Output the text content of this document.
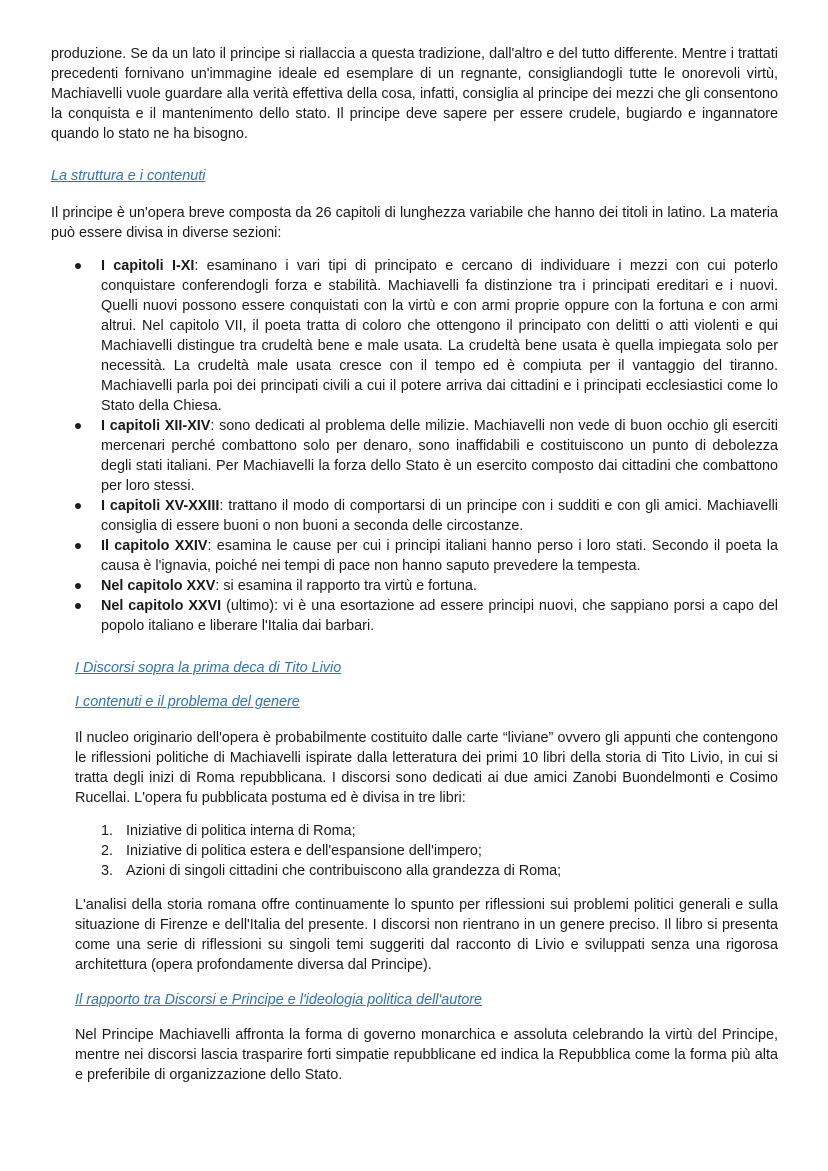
produzione. Se da un lato il principe si riallaccia a questa tradizione, dall'altro e del tutto differente. Mentre i trattati precedenti fornivano un'immagine ideale ed esemplare di un regnante, consigliandogli tutte le onorevoli virtù, Machiavelli vuole guardare alla verità effettiva della cosa, infatti, consiglia al principe dei mezzi che gli consentono la conquista e il mantenimento dello stato. Il principe deve sapere per essere crudele, bugiardo e ingannatore quando lo stato ne ha bisogno.

La struttura e i contenuti

Il principe è un'opera breve composta da 26 capitoli di lunghezza variabile che hanno dei titoli in latino. La materia può essere divisa in diverse sezioni:

I capitoli I-XI: esaminano i vari tipi di principato e cercano di individuare i mezzi con cui poterlo conquistare conferendogli forza e stabilità. Machiavelli fa distinzione tra i principati ereditari e i nuovi. Quelli nuovi possono essere conquistati con la virtù e con armi proprie oppure con la fortuna e con armi altrui. Nel capitolo VII, il poeta tratta di coloro che ottengono il principato con delitti o atti violenti e qui Machiavelli distingue tra crudeltà bene e male usata. La crudeltà bene usata è quella impiegata solo per necessità. La crudeltà male usata cresce con il tempo ed è compiuta per il vantaggio del tiranno. Machiavelli parla poi dei principati civili a cui il potere arriva dai cittadini e i principati ecclesiastici come lo Stato della Chiesa.
I capitoli XII-XIV: sono dedicati al problema delle milizie. Machiavelli non vede di buon occhio gli eserciti mercenari perché combattono solo per denaro, sono inaffidabili e costituiscono un punto di debolezza degli stati italiani. Per Machiavelli la forza dello Stato è un esercito composto dai cittadini che combattono per loro stessi.
I capitoli XV-XXIII: trattano il modo di comportarsi di un principe con i sudditi e con gli amici. Machiavelli consiglia di essere buoni o non buoni a seconda delle circostanze.
Il capitolo XXIV: esamina le cause per cui i principi italiani hanno perso i loro stati. Secondo il poeta la causa è l'ignavia, poiché nei tempi di pace non hanno saputo prevedere la tempesta.
Nel capitolo XXV: si esamina il rapporto tra virtù e fortuna.
Nel capitolo XXVI (ultimo): vi è una esortazione ad essere principi nuovi, che sappiano porsi a capo del popolo italiano e liberare l'Italia dai barbari.
I Discorsi sopra la prima deca di Tito Livio
I contenuti e il problema del genere

Il nucleo originario dell'opera è probabilmente costituito dalle carte “liviane” ovvero gli appunti che contengono le riflessioni politiche di Machiavelli ispirate dalla letteratura dei primi 10 libri della storia di Tito Livio, in cui si tratta degli inizi di Roma repubblicana. I discorsi sono dedicati ai due amici Zanobi Buondelmonti e Cosimo Rucellai. L'opera fu pubblicata postuma ed è divisa in tre libri:

1. Iniziative di politica interna di Roma;
2. Iniziative di politica estera e dell'espansione dell'impero;
3. Azioni di singoli cittadini che contribuiscono alla grandezza di Roma;

L'analisi della storia romana offre continuamente lo spunto per riflessioni sui problemi politici generali e sulla situazione di Firenze e dell'Italia del presente. I discorsi non rientrano in un genere preciso. Il libro si presenta come una serie di riflessioni su singoli temi suggeriti dal racconto di Livio e sviluppati senza una rigorosa architettura (opera profondamente diversa dal Principe).

Il rapporto tra Discorsi e Principe e l'ideologia politica dell'autore

Nel Principe Machiavelli affronta la forma di governo monarchica e assoluta celebrando la virtù del Principe, mentre nei discorsi lascia trasparire forti simpatie repubblicane ed indica la Repubblica come la forma più alta e preferibile di organizzazione dello Stato.
